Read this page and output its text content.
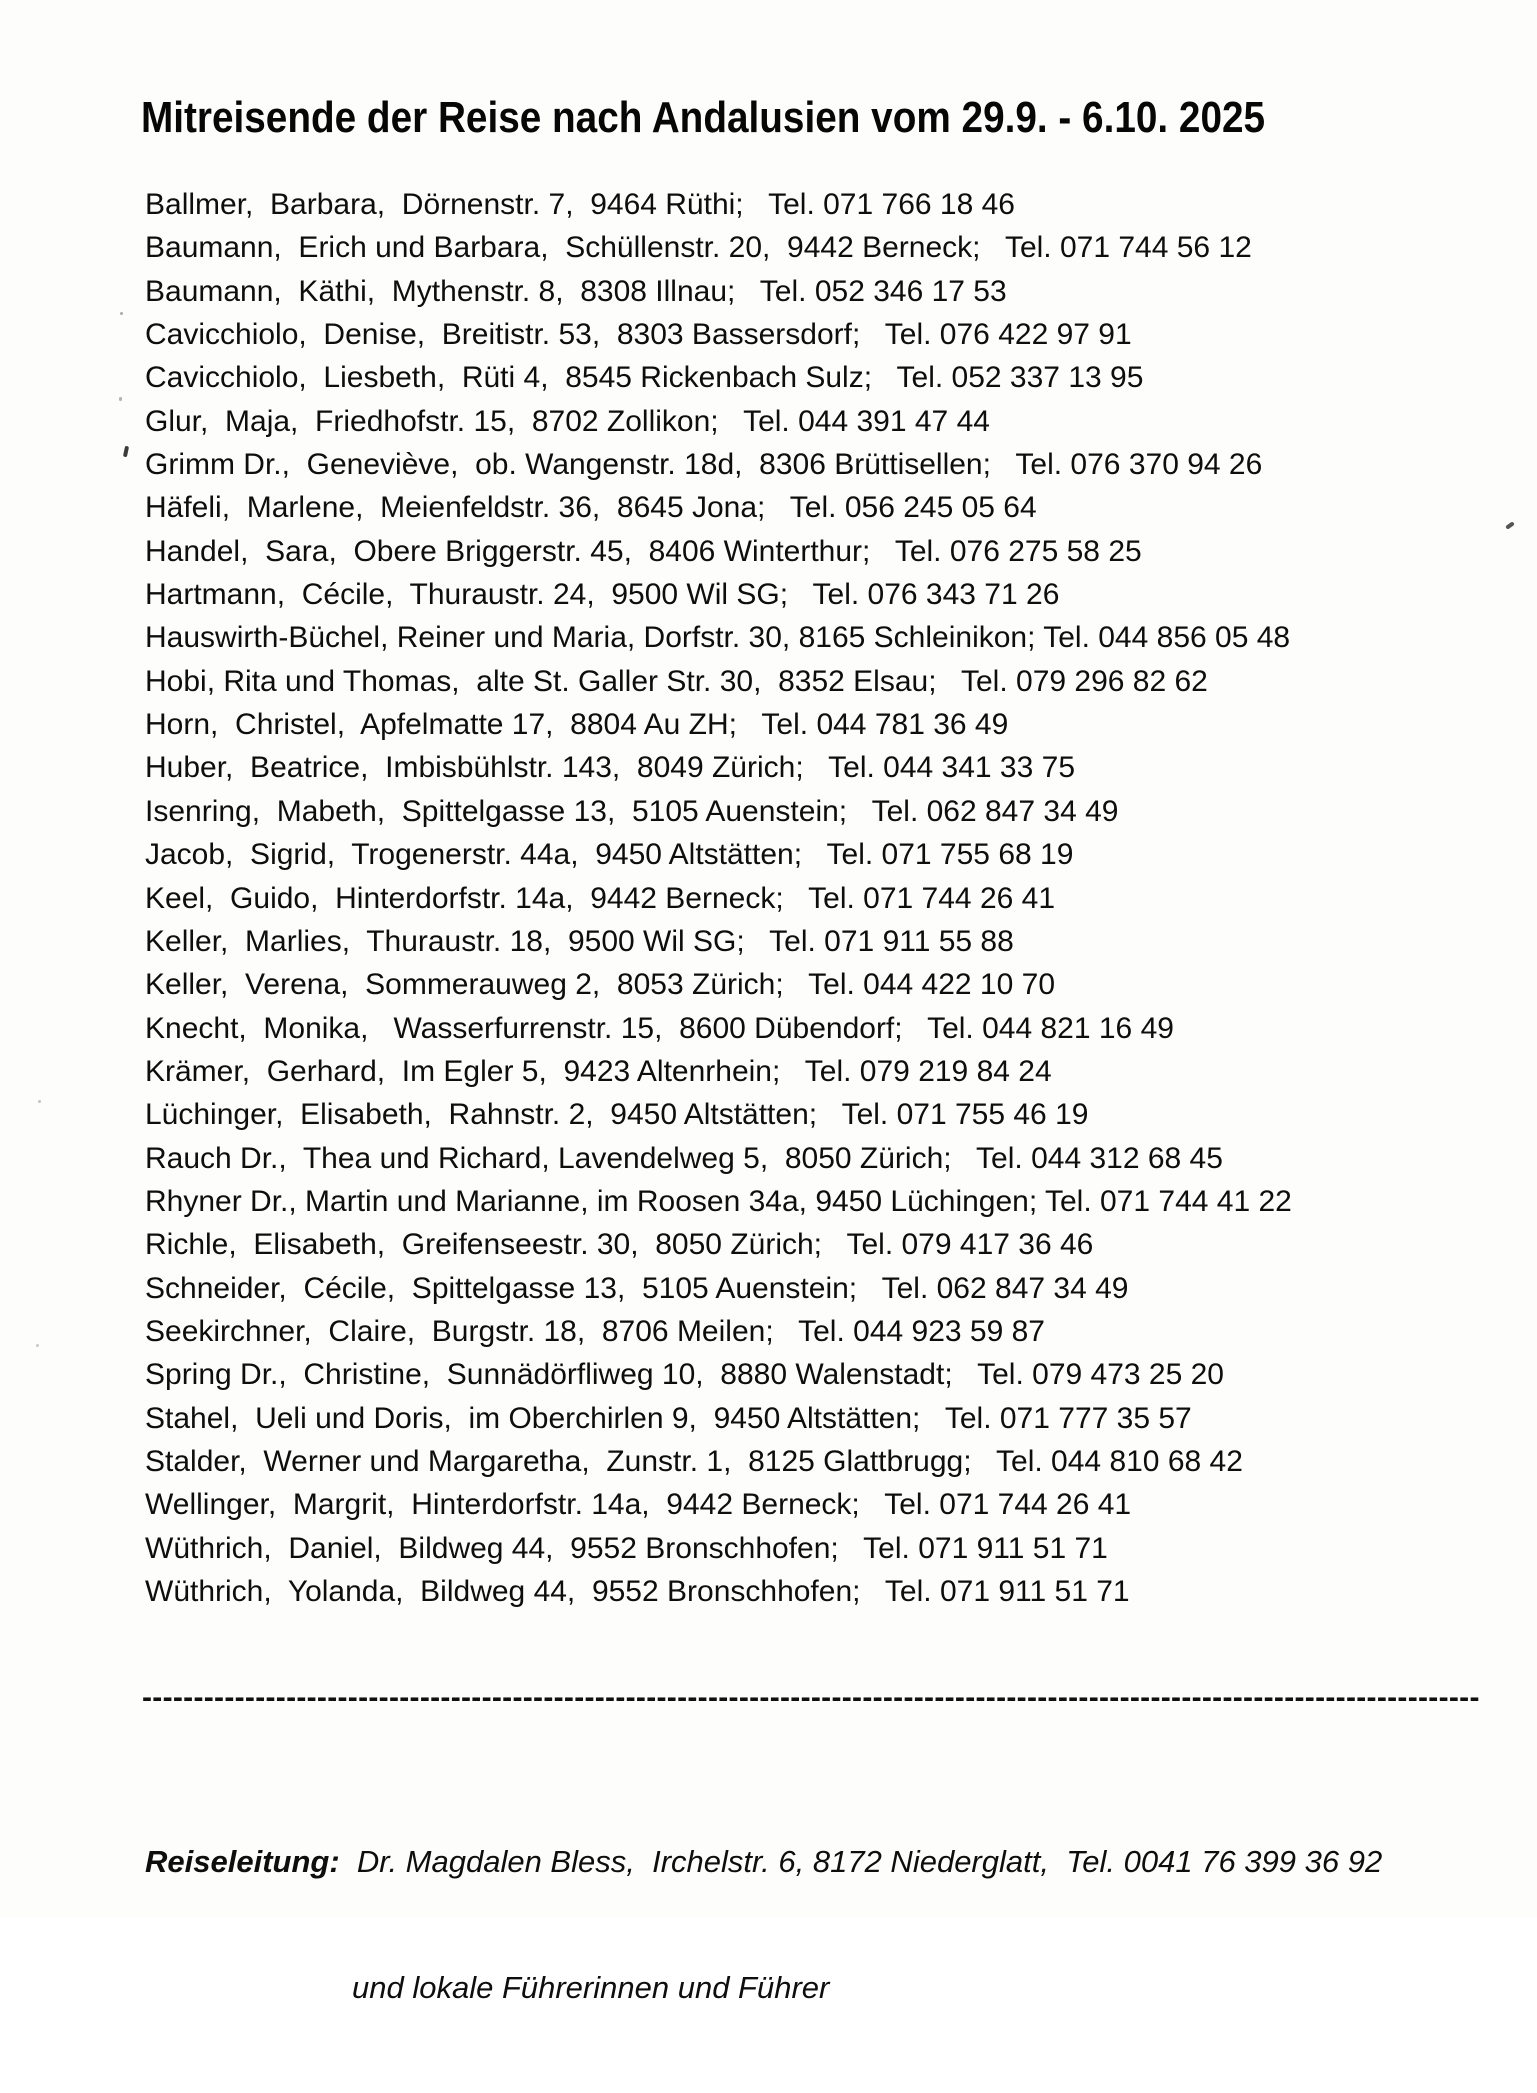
Mitreisende der Reise nach Andalusien vom 29.9. - 6.10. 2025
Ballmer,  Barbara,  Dörnenstr. 7,  9464 Rüthi;   Tel. 071 766 18 46
Baumann,  Erich und Barbara,  Schüllenstr. 20,  9442 Berneck;   Tel. 071 744 56 12
Baumann,  Käthi,  Mythenstr. 8,  8308 Illnau;   Tel. 052 346 17 53
Cavicchiolo,  Denise,  Breitistr. 53,  8303 Bassersdorf;   Tel. 076 422 97 91
Cavicchiolo,  Liesbeth,  Rüti 4,  8545 Rickenbach Sulz;   Tel. 052 337 13 95
Glur,  Maja,  Friedhofstr. 15,  8702 Zollikon;   Tel. 044 391 47 44
Grimm Dr.,  Geneviève,  ob. Wangenstr. 18d,  8306 Brüttisellen;   Tel. 076 370 94 26
Häfeli,  Marlene,  Meienfeldstr. 36,  8645 Jona;   Tel. 056 245 05 64
Handel,  Sara,  Obere Briggerstr. 45,  8406 Winterthur;   Tel. 076 275 58 25
Hartmann,  Cécile,  Thuraustr. 24,  9500 Wil SG;   Tel. 076 343 71 26
Hauswirth-Büchel, Reiner und Maria, Dorfstr. 30, 8165 Schleinikon; Tel. 044 856 05 48
Hobi, Rita und Thomas,  alte St. Galler Str. 30,  8352 Elsau;   Tel. 079 296 82 62
Horn,  Christel,  Apfelmatte 17,  8804 Au ZH;   Tel. 044 781 36 49
Huber,  Beatrice,  Imbisbühlstr. 143,  8049 Zürich;   Tel. 044 341 33 75
Isenring,  Mabeth,  Spittelgasse 13,  5105 Auenstein;   Tel. 062 847 34 49
Jacob,  Sigrid,  Trogenerstr. 44a,  9450 Altstätten;   Tel. 071 755 68 19
Keel,  Guido,  Hinterdorfstr. 14a,  9442 Berneck;   Tel. 071 744 26 41
Keller,  Marlies,  Thuraustr. 18,  9500 Wil SG;   Tel. 071 911 55 88
Keller,  Verena,  Sommerauweg 2,  8053 Zürich;   Tel. 044 422 10 70
Knecht,  Monika,   Wasserfurrenstr. 15,  8600 Dübendorf;   Tel. 044 821 16 49
Krämer,  Gerhard,  Im Egler 5,  9423 Altenrhein;   Tel. 079 219 84 24
Lüchinger,  Elisabeth,  Rahnstr. 2,  9450 Altstätten;   Tel. 071 755 46 19
Rauch Dr.,  Thea und Richard, Lavendelweg 5,  8050 Zürich;   Tel. 044 312 68 45
Rhyner Dr., Martin und Marianne, im Roosen 34a, 9450 Lüchingen; Tel. 071 744 41 22
Richle,  Elisabeth,  Greifenseestr. 30,  8050 Zürich;   Tel. 079 417 36 46
Schneider,  Cécile,  Spittelgasse 13,  5105 Auenstein;   Tel. 062 847 34 49
Seekirchner,  Claire,  Burgstr. 18,  8706 Meilen;   Tel. 044 923 59 87
Spring Dr.,  Christine,  Sunnädörfliweg 10,  8880 Walenstadt;   Tel. 079 473 25 20
Stahel,  Ueli und Doris,  im Oberchirlen 9,  9450 Altstätten;   Tel. 071 777 35 57
Stalder,  Werner und Margaretha,  Zunstr. 1,  8125 Glattbrugg;   Tel. 044 810 68 42
Wellinger,  Margrit,  Hinterdorfstr. 14a,  9442 Berneck;   Tel. 071 744 26 41
Wüthrich,  Daniel,  Bildweg 44,  9552 Bronschhofen;   Tel. 071 911 51 71
Wüthrich,  Yolanda,  Bildweg 44,  9552 Bronschhofen;   Tel. 071 911 51 71
----------------------------------------------------------------------------------------------------------------------------------

Reiseleitung:  Dr. Magdalen Bless,  Irchelstr. 6, 8172 Niederglatt,  Tel. 0041 76 399 36 92

und lokale Führerinnen und Führer
